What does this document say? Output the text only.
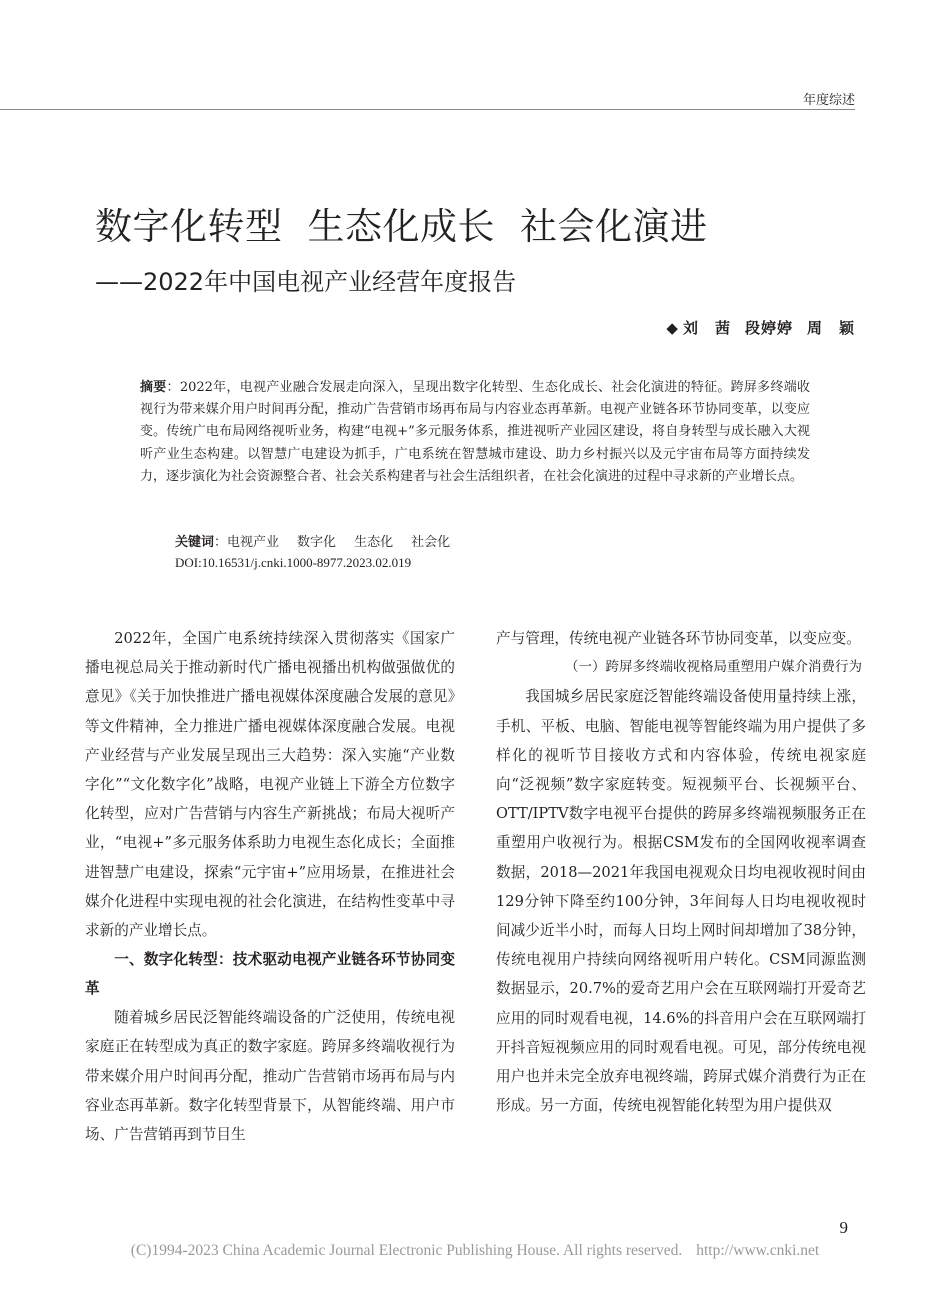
年度综述
数字化转型 生态化成长 社会化演进
——2022年中国电视产业经营年度报告
◆ 刘　茜 段婷婷 周　颖
摘要：2022年，电视产业融合发展走向深入，呈现出数字化转型、生态化成长、社会化演进的特征。跨屏多终端收视行为带来媒介用户时间再分配，推动广告营销市场再布局与内容业态再革新。电视产业链各环节协同变革，以变应变。传统广电布局网络视听业务，构建“电视+”多元服务体系，推进视听产业园区建设，将自身转型与成长融入大视听产业生态构建。以智慧广电建设为抓手，广电系统在智慧城市建设、助力乡村振兴以及元宇宙布局等方面持续发力，逐步演化为社会资源整合者、社会关系构建者与社会生活组织者，在社会化演进的过程中寻求新的产业增长点。
关键词：电视产业 数字化 生态化 社会化
DOI:10.16531/j.cnki.1000-8977.2023.02.019

2022年，全国广电系统持续深入贯彻落实《国家广播电视总局关于推动新时代广播电视播出机构做强做优的意见》《关于加快推进广播电视媒体深度融合发展的意见》等文件精神，全力推进广播电视媒体深度融合发展。电视产业经营与产业发展呈现出三大趋势：深入实施“产业数字化”“文化数字化”战略，电视产业链上下游全方位数字化转型，应对广告营销与内容生产新挑战；布局大视听产业，“电视+”多元服务体系助力电视生态化成长；全面推进智慧广电建设，探索“元宇宙+”应用场景，在推进社会媒介化进程中实现电视的社会化演进，在结构性变革中寻求新的产业增长点。

一、数字化转型：技术驱动电视产业链各环节协同变革

随着城乡居民泛智能终端设备的广泛使用，传统电视家庭正在转型成为真正的数字家庭。跨屏多终端收视行为带来媒介用户时间再分配，推动广告营销市场再布局与内容业态再革新。数字化转型背景下，从智能终端、用户市场、广告营销再到节目生

产与管理，传统电视产业链各环节协同变革，以变应变。

（一）跨屏多终端收视格局重塑用户媒介消费行为

我国城乡居民家庭泛智能终端设备使用量持续上涨，手机、平板、电脑、智能电视等智能终端为用户提供了多样化的视听节目接收方式和内容体验，传统电视家庭向“泛视频”数字家庭转变。短视频平台、长视频平台、OTT/IPTV数字电视平台提供的跨屏多终端视频服务正在重塑用户收视行为。根据CSM发布的全国网收视率调查数据，2018—2021年我国电视观众日均电视收视时间由129分钟下降至约100分钟，3年间每人日均电视收视时间减少近半小时，而每人日均上网时间却增加了38分钟，传统电视用户持续向网络视听用户转化。CSM同源监测数据显示，20.7%的爱奇艺用户会在互联网端打开爱奇艺应用的同时观看电视，14.6%的抖音用户会在互联网端打开抖音短视频应用的同时观看电视。可见，部分传统电视用户也并未完全放弃电视终端，跨屏式媒介消费行为正在形成。另一方面，传统电视智能化转型为用户提供双

9
(C)1994-2023 China Academic Journal Electronic Publishing House. All rights reserved. http://www.cnki.net
